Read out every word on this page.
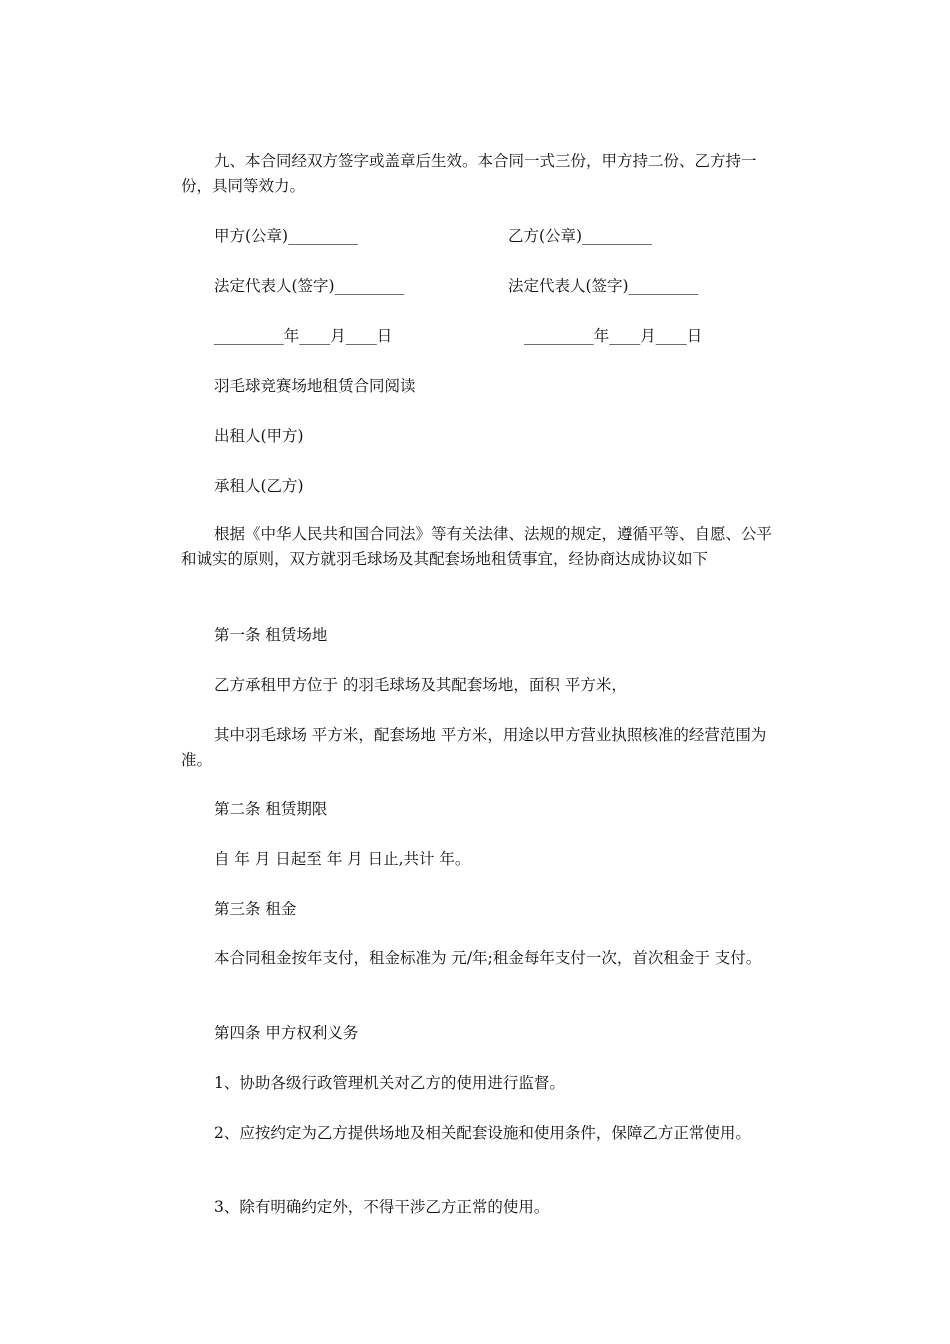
九、本合同经双方签字或盖章后生效。本合同一式三份，甲方持二份、乙方持一份，具同等效力。

甲方(公章)_________	乙方(公章)_________

法定代表人(签字)_________	法定代表人(签字)_________

_________年____月____日	_________年____月____日

羽毛球竞赛场地租赁合同阅读

出租人(甲方)

承租人(乙方)

根据《中华人民共和国合同法》等有关法律、法规的规定，遵循平等、自愿、公平和诚实的原则，双方就羽毛球场及其配套场地租赁事宜，经协商达成协议如下

第一条 租赁场地

乙方承租甲方位于 的羽毛球场及其配套场地，面积 平方米，

其中羽毛球场 平方米，配套场地 平方米，用途以甲方营业执照核准的经营范围为准。

第二条 租赁期限

自 年 月 日起至 年 月 日止,共计 年。

第三条 租金

本合同租金按年支付，租金标准为 元/年;租金每年支付一次，首次租金于 支付。

第四条 甲方权利义务

1、协助各级行政管理机关对乙方的使用进行监督。

2、应按约定为乙方提供场地及相关配套设施和使用条件，保障乙方正常使用。

3、除有明确约定外，不得干涉乙方正常的使用。
